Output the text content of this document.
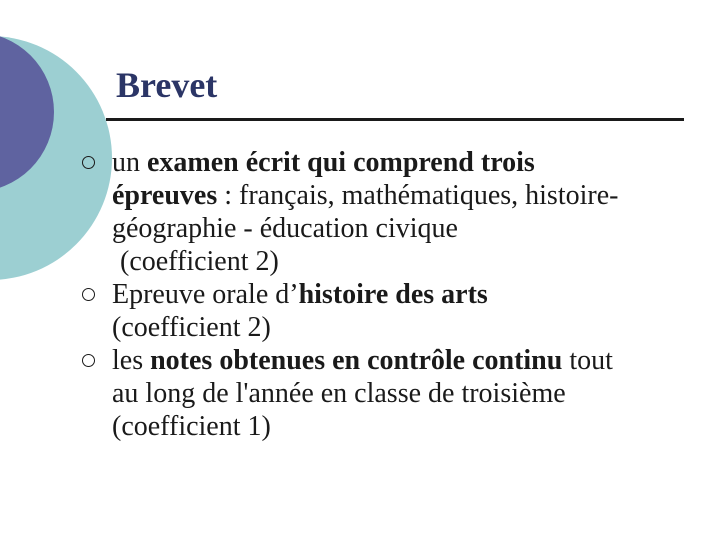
Brevet
un examen écrit qui comprend trois
épreuves : français, mathématiques, histoire-
géographie - éducation civique
(coefficient 2)
Epreuve orale d’histoire des arts
(coefficient 2)
les notes obtenues en contrôle continu tout
au long de l'année en classe de troisième
(coefficient 1)
